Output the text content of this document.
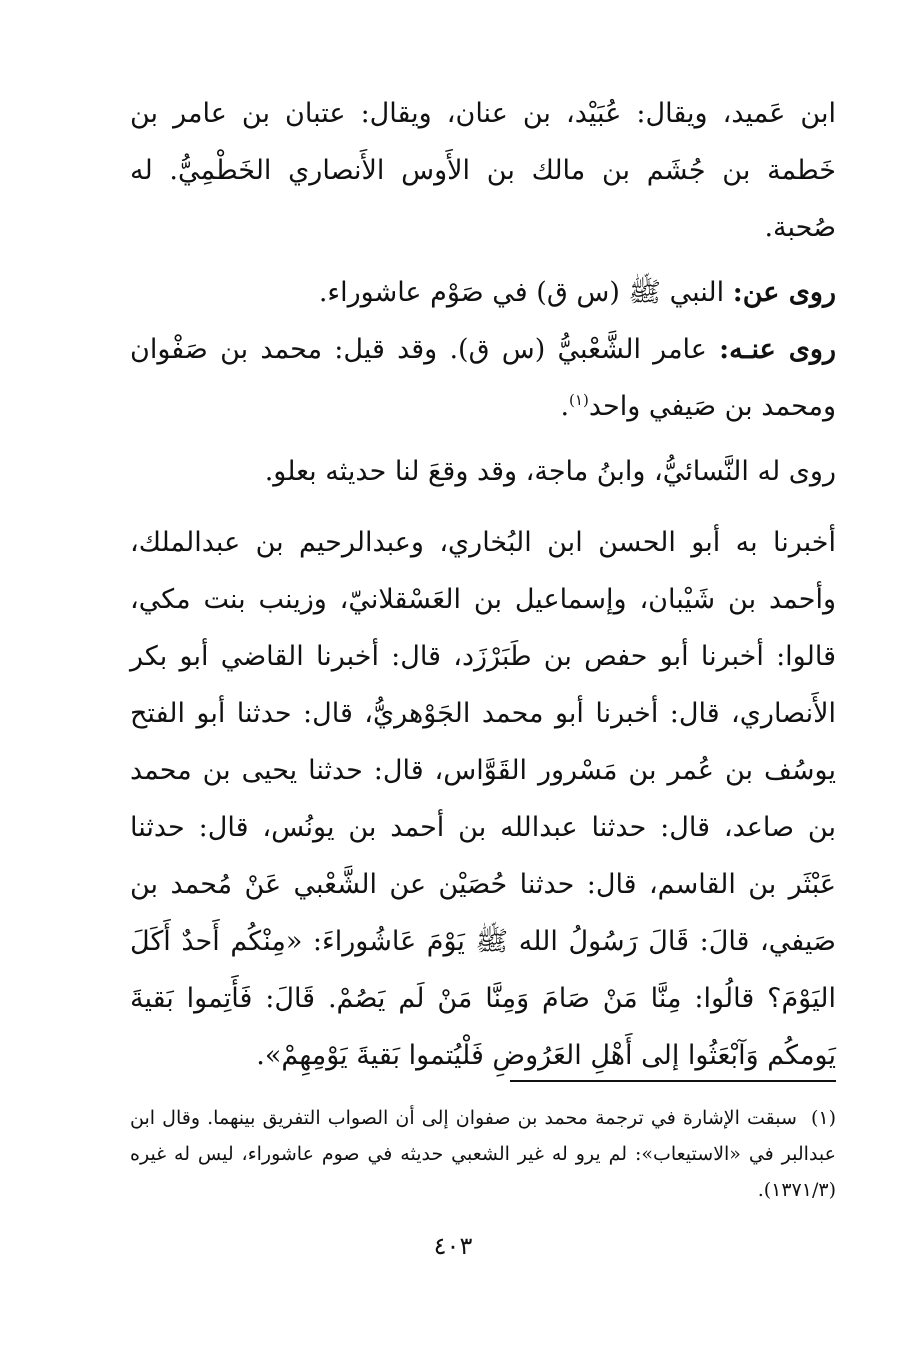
ابن عَميد، ويقال: عُبَيْد، بن عنان، ويقال: عتبان بن عامر بن خَطمة بن جُشَم بن مالك بن الأَوس الأَنصاري الخَطْمِيُّ. له صُحبة.

روى عن: النبي ﷺ (س ق) في صَوْم عاشوراء.

روى عنـه: عامر الشَّعْبيُّ (س ق). وقد قيل: محمد بن صَفْوان ومحمد بن صَيفي واحد$^{(١)}$.

روى له النَّسائيُّ، وابنُ ماجة، وقد وقعَ لنا حديثه بعلو.

أخبرنا به أبو الحسن ابن البُخاري، وعبدالرحيم بن عبدالملك، وأحمد بن شَيْبان، وإسماعيل بن العَسْقلانيّ، وزينب بنت مكي، قالوا: أخبرنا أبو حفص بن طَبَرْزَد، قال: أخبرنا القاضي أبو بكر الأَنصاري، قال: أخبرنا أبو محمد الجَوْهريُّ، قال: حدثنا أبو الفتح يوسُف بن عُمر بن مَسْرور القَوَّاس، قال: حدثنا يحيى بن محمد بن صاعد، قال: حدثنا عبدالله بن أحمد بن يونُس، قال: حدثنا عَبْثَر بن القاسم، قال: حدثنا حُصَيْن عن الشَّعْبي عَنْ مُحمد بن صَيفي، قالَ: قَالَ رَسُولُ الله ﷺ يَوْمَ عَاشُوراءَ: «مِنْكُم أَحدٌ أَكَلَ اليَوْمَ؟ قالُوا: مِنَّا مَنْ صَامَ وَمِنَّا مَنْ لَم يَصُمْ. قَالَ: فَأَتِموا بَقيةَ يَومكُم وَآبْعَثُوا إلى أَهْلِ العَرُوضِ فَلْيُتموا بَقيةَ يَوْمِهِمْ».

(١)سبقت الإشارة في ترجمة محمد بن صفوان إلى أن الصواب التفريق بينهما. وقال ابن عبدالبر في «الاستيعاب»: لم يرو له غير الشعبي حديثه في صوم عاشوراء، ليس له غيره (١٣٧١/٣).
٤٠٣
